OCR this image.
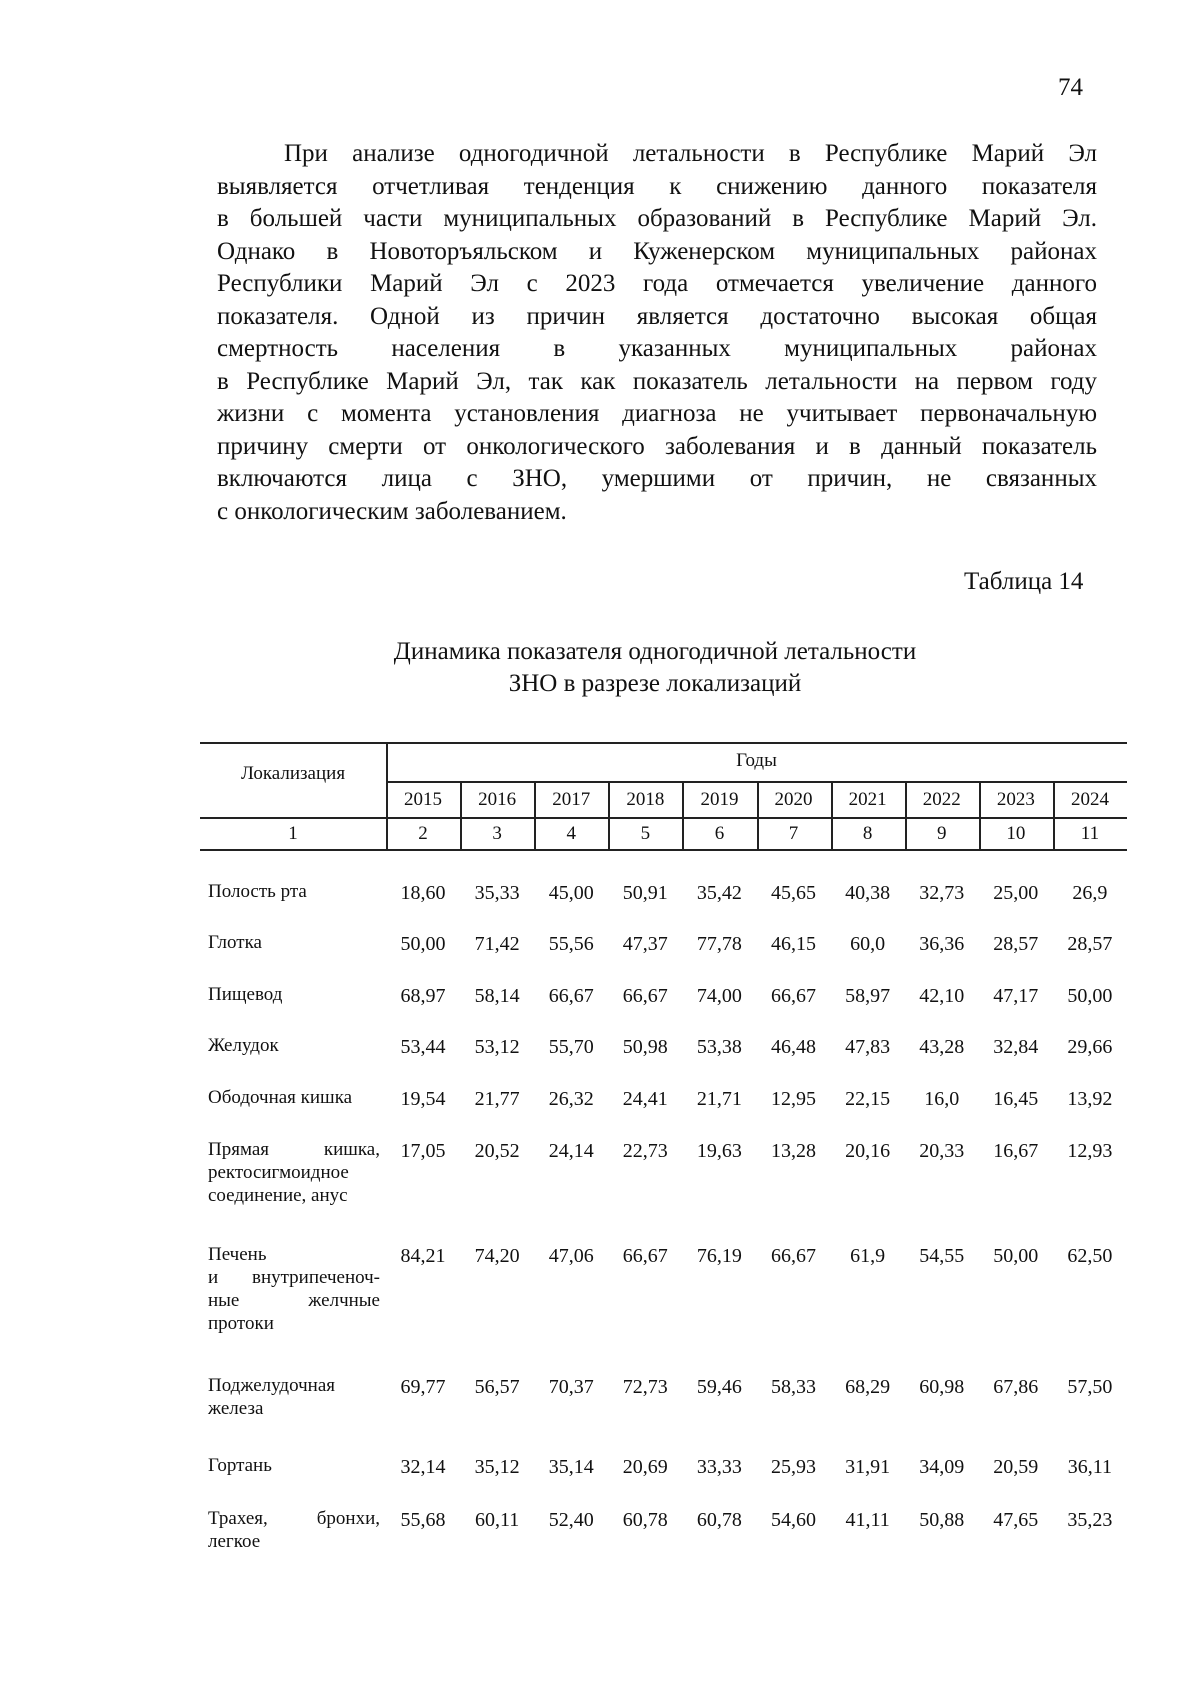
74
При анализе одногодичной летальности в Республике Марий Эл
выявляется отчетливая тенденция к снижению данного показателя
в большей части муниципальных образований в Республике Марий Эл.
Однако в Новоторъяльском и Куженерском муниципальных районах
Республики Марий Эл с 2023 года отмечается увеличение данного
показателя. Одной из причин является достаточно высокая общая
смертность населения в указанных муниципальных районах
в Республике Марий Эл, так как показатель летальности на первом году
жизни с момента установления диагноза не учитывает первоначальную
причину смерти от онкологического заболевания и в данный показатель
включаются лица с ЗНО, умершими от причин, не связанных
с онкологическим заболеванием.
Таблица 14
Динамика показателя одногодичной летальности
ЗНО в разрезе локализаций
Локализация
Годы
2015	2016	2017	2018	2019	2020	2021	2022	2023	2024
1	2	3	4	5	6	7	8	9	10	11
Полость рта	18,60	35,33	45,00	50,91	35,42	45,65	40,38	32,73	25,00	26,9
Глотка	50,00	71,42	55,56	47,37	77,78	46,15	60,0	36,36	28,57	28,57
Пищевод	68,97	58,14	66,67	66,67	74,00	66,67	58,97	42,10	47,17	50,00
Желудок	53,44	53,12	55,70	50,98	53,38	46,48	47,83	43,28	32,84	29,66
Ободочная кишка	19,54	21,77	26,32	24,41	21,71	12,95	22,15	16,0	16,45	13,92
Прямая кишка,
ректосигмоидное
соединение, анус
17,05	20,52	24,14	22,73	19,63	13,28	20,16	20,33	16,67	12,93
Печень
и внутрипеченоч-
ные желчные
протоки
84,21	74,20	47,06	66,67	76,19	66,67	61,9	54,55	50,00	62,50
Поджелудочная
железа
69,77	56,57	70,37	72,73	59,46	58,33	68,29	60,98	67,86	57,50
Гортань	32,14	35,12	35,14	20,69	33,33	25,93	31,91	34,09	20,59	36,11
Трахея, бронхи,
легкое
55,68	60,11	52,40	60,78	60,78	54,60	41,11	50,88	47,65	35,23
